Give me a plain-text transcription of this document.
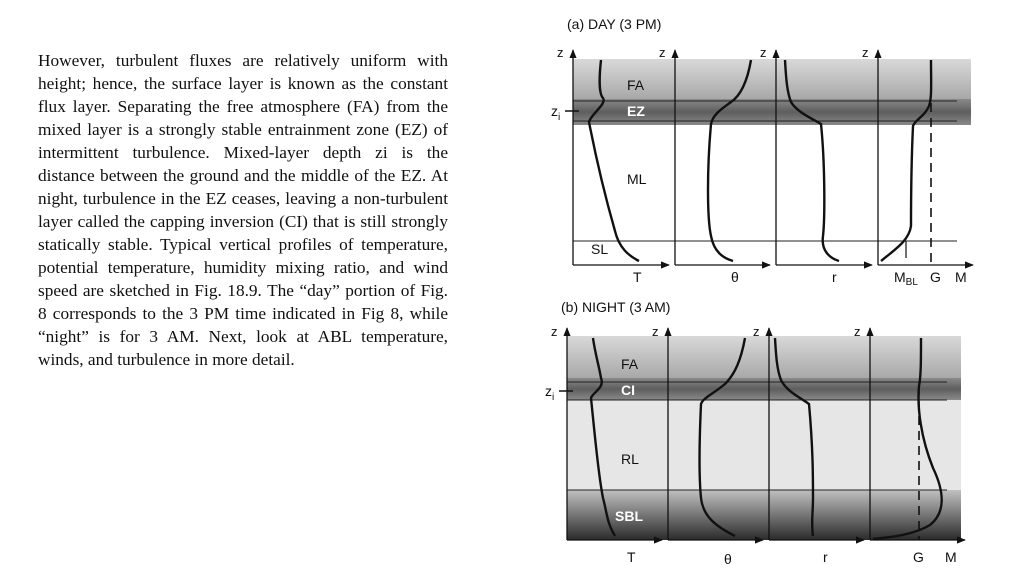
However, turbulent fluxes are relatively uniform with height; hence, the surface layer is known as the constant flux layer. Separating the free atmosphere (FA) from the mixed layer is a strongly stable entrainment zone (EZ) of intermittent turbulence. Mixed-layer depth zi is the distance between the ground and the middle of the EZ. At night, turbulence in the EZ ceases, leaving a non-turbulent layer called the capping inversion (CI) that is still strongly statically stable. Typical vertical profiles of temperature, potential temperature, humidity mixing ratio, and wind speed are sketched in Fig. 18.9. The “day” portion of Fig. 8 corresponds to the 3 PM time indicated in Fig 8, while “night” is for 3 AM. Next, look at ABL temperature, winds, and turbulence in more detail.

(a) DAY (3 PM)
FA
EZ
ML
SL
$z_i$
z	z	z	z
T	θ	r	$M_{BL}$ G M
(b) NIGHT (3 AM)
FA
CI
RL
SBL
$z_i$
z	z	z	z
T	θ	r	G M
